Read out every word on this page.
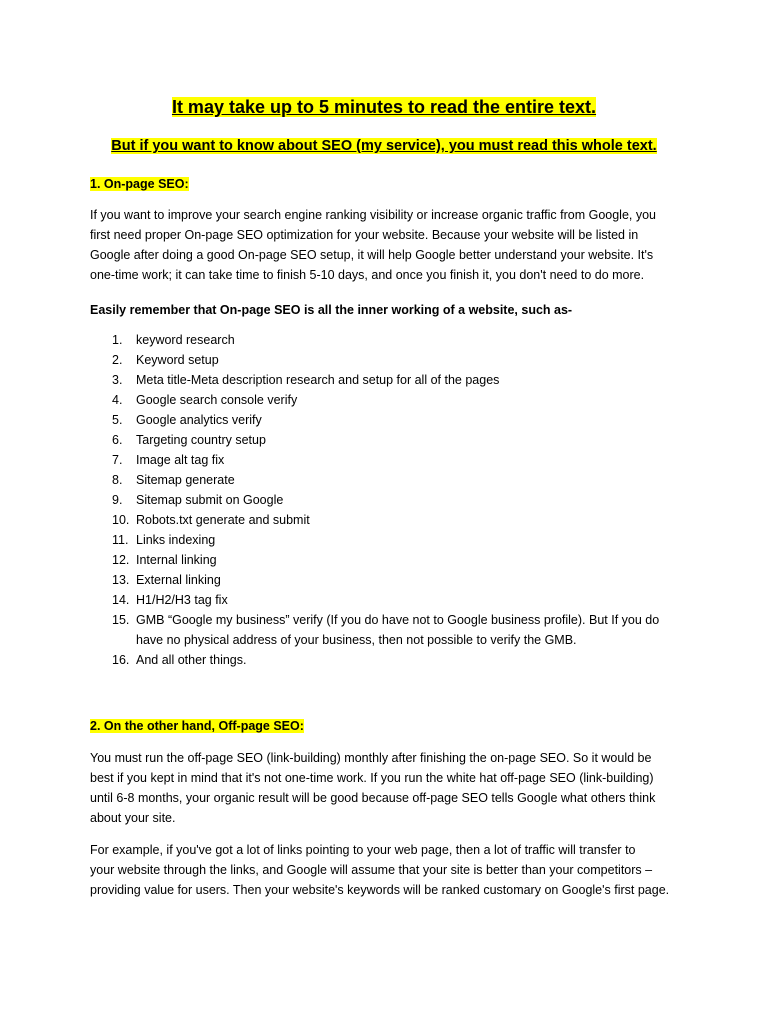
It may take up to 5 minutes to read the entire text.
But if you want to know about SEO (my service), you must read this whole text.
1. On-page SEO:

If you want to improve your search engine ranking visibility or increase organic traffic from Google, you
first need proper On-page SEO optimization for your website. Because your website will be listed in
Google after doing a good On-page SEO setup, it will help Google better understand your website. It's
one-time work; it can take time to finish 5-10 days, and once you finish it, you don't need to do more.

Easily remember that On-page SEO is all the inner working of a website, such as-

1.	keyword research
2.	Keyword setup
3.	Meta title-Meta description research and setup for all of the pages
4.	Google search console verify
5.	Google analytics verify
6.	Targeting country setup
7.	Image alt tag fix
8.	Sitemap generate
9.	Sitemap submit on Google
10. Robots.txt generate and submit
11. Links indexing
12. Internal linking
13. External linking
14. H1/H2/H3 tag fix
15. GMB “Google my business” verify (If you do have not to Google business profile). But If you do
have no physical address of your business, then not possible to verify the GMB.
16. And all other things.
2. On the other hand, Off-page SEO:

You must run the off-page SEO (link-building) monthly after finishing the on-page SEO. So it would be
best if you kept in mind that it's not one-time work. If you run the white hat off-page SEO (link-building)
until 6-8 months, your organic result will be good because off-page SEO tells Google what others think
about your site.

For example, if you've got a lot of links pointing to your web page, then a lot of traffic will transfer to
your website through the links, and Google will assume that your site is better than your competitors –
providing value for users. Then your website's keywords will be ranked customary on Google's first page.
